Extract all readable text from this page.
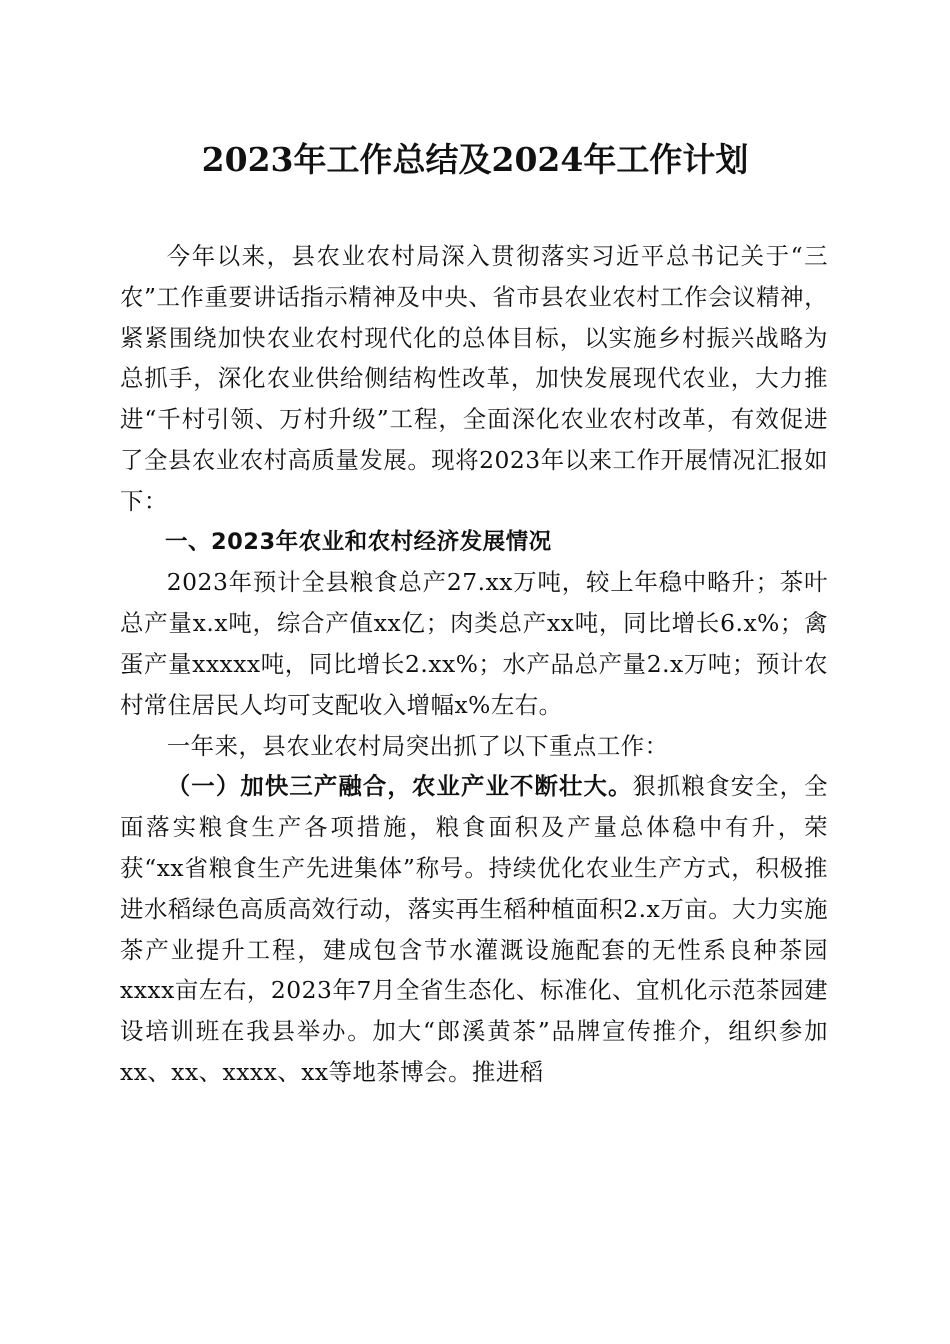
2023年工作总结及2024年工作计划

今年以来，县农业农村局深入贯彻落实习近平总书记关于“三农”工作重要讲话指示精神及中央、省市县农业农村工作会议精神，紧紧围绕加快农业农村现代化的总体目标，以实施乡村振兴战略为总抓手，深化农业供给侧结构性改革，加快发展现代农业，大力推进“千村引领、万村升级”工程，全面深化农业农村改革，有效促进了全县农业农村高质量发展。现将2023年以来工作开展情况汇报如下：

一、2023年农业和农村经济发展情况

2023年预计全县粮食总产27.xx万吨，较上年稳中略升；茶叶总产量x.x吨，综合产值xx亿；肉类总产xx吨，同比增长6.x%；禽蛋产量xxxxx吨，同比增长2.xx%；水产品总产量2.x万吨；预计农村常住居民人均可支配收入增幅x%左右。

一年来，县农业农村局突出抓了以下重点工作：

（一）加快三产融合，农业产业不断壮大。狠抓粮食安全，全面落实粮食生产各项措施，粮食面积及产量总体稳中有升，荣获“xx省粮食生产先进集体”称号。持续优化农业生产方式，积极推进水稻绿色高质高效行动，落实再生稻种植面积2.x万亩。大力实施茶产业提升工程，建成包含节水灌溉设施配套的无性系良种茶园xxxx亩左右，2023年7月全省生态化、标准化、宜机化示范茶园建设培训班在我县举办。加大“郎溪黄茶”品牌宣传推介，组织参加xx、xx、xxxx、xx等地茶博会。推进稻
